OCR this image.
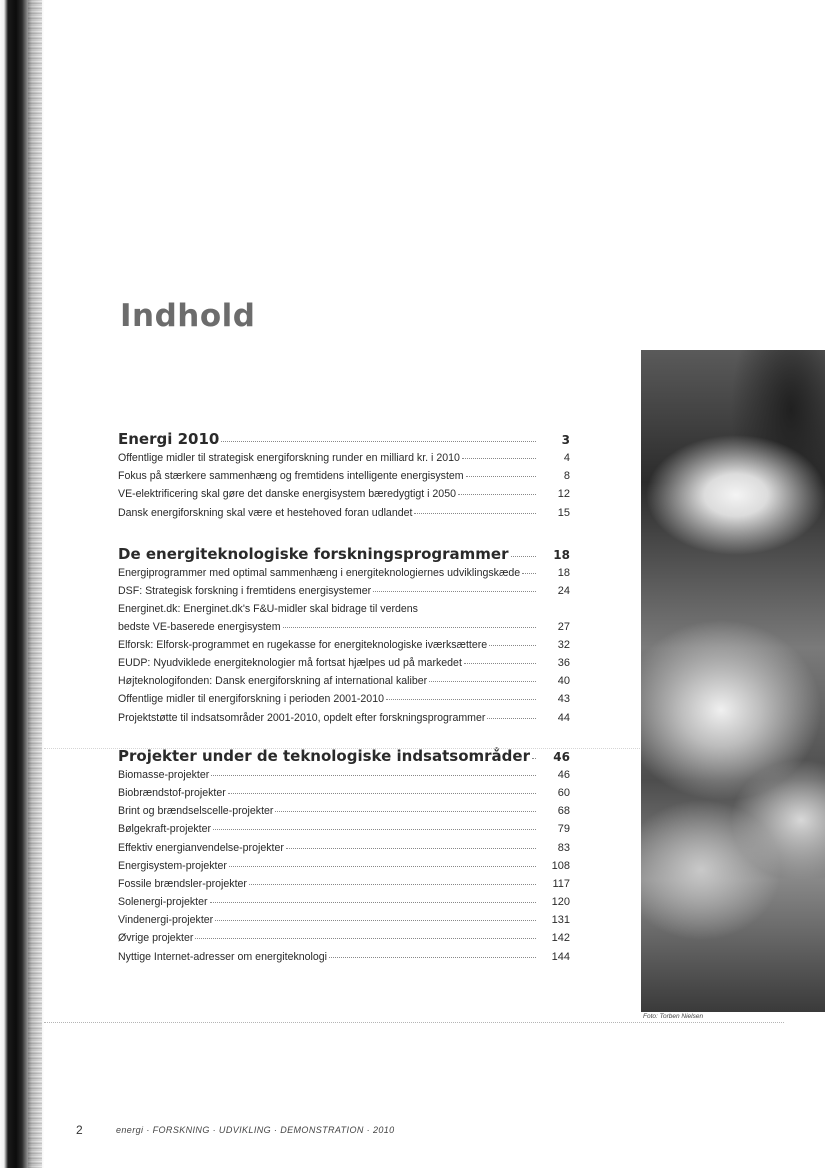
Indhold
Energi 2010	3
Offentlige midler til strategisk energiforskning runder en milliard kr. i 2010	4
Fokus på stærkere sammenhæng og fremtidens intelligente energisystem	8
VE-elektrificering skal gøre det danske energisystem bæredygtigt i 2050	12
Dansk energiforskning skal være et hestehoved foran udlandet	15
De energiteknologiske forskningsprogrammer	18
Energiprogrammer med optimal sammenhæng i energiteknologiernes udviklingskæde	18
DSF: Strategisk forskning i fremtidens energisystemer	24
Energinet.dk: Energinet.dk's F&U-midler skal bidrage til verdens
bedste VE-baserede energisystem	27
Elforsk: Elforsk-programmet en rugekasse for energiteknologiske iværksættere	32
EUDP: Nyudviklede energiteknologier må fortsat hjælpes ud på markedet	36
Højteknologifonden: Dansk energiforskning af international kaliber	40
Offentlige midler til energiforskning i perioden 2001-2010	43
Projektstøtte til indsatsområder 2001-2010, opdelt efter forskningsprogrammer	44
Projekter under de teknologiske indsatsområder	46
Biomasse-projekter	46
Biobrændstof-projekter	60
Brint og brændselscelle-projekter	68
Bølgekraft-projekter	79
Effektiv energianvendelse-projekter	83
Energisystem-projekter	108
Fossile brændsler-projekter	117
Solenergi-projekter	120
Vindenergi-projekter	131
Øvrige projekter	142
Nyttige Internet-adresser om energiteknologi	144
Foto: Torben Nielsen
2	energi · FORSKNING · UDVIKLING · DEMONSTRATION · 2010
